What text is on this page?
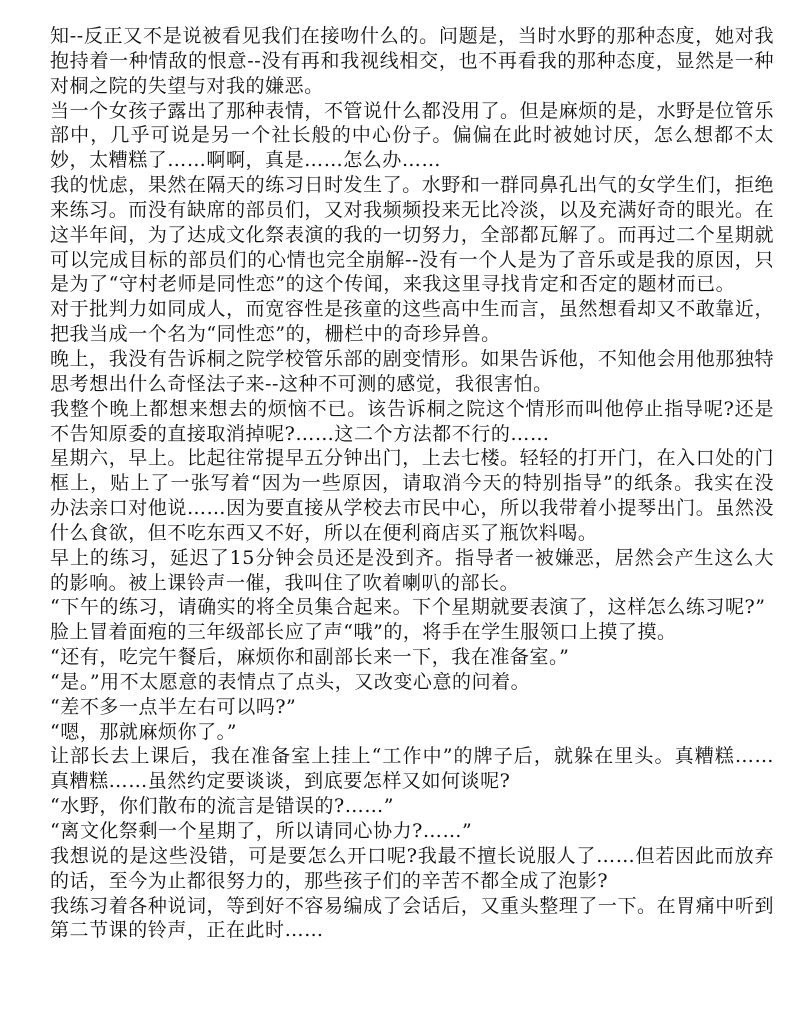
知--反正又不是说被看见我们在接吻什么的。问题是，当时水野的那种态度，她对我抱持着一种情敌的恨意--没有再和我视线相交，也不再看我的那种态度，显然是一种对桐之院的失望与对我的嫌恶。
当一个女孩子露出了那种表情，不管说什么都没用了。但是麻烦的是，水野是位管乐部中，几乎可说是另一个社长般的中心份子。偏偏在此时被她讨厌，怎么想都不太妙，太糟糕了……啊啊，真是……怎么办……
我的忧虑，果然在隔天的练习日时发生了。水野和一群同鼻孔出气的女学生们，拒绝来练习。而没有缺席的部员们，又对我频频投来无比冷淡，以及充满好奇的眼光。在这半年间，为了达成文化祭表演的我的一切努力，全部都瓦解了。而再过二个星期就可以完成目标的部员们的心情也完全崩解--没有一个人是为了音乐或是我的原因，只是为了“守村老师是同性恋”的这个传闻，来我这里寻找肯定和否定的题材而已。
对于批判力如同成人，而宽容性是孩童的这些高中生而言，虽然想看却又不敢靠近，把我当成一个名为“同性恋”的，栅栏中的奇珍异兽。
晚上，我没有告诉桐之院学校管乐部的剧变情形。如果告诉他，不知他会用他那独特思考想出什么奇怪法子来--这种不可测的感觉，我很害怕。
我整个晚上都想来想去的烦恼不已。该告诉桐之院这个情形而叫他停止指导呢?还是不告知原委的直接取消掉呢?……这二个方法都不行的……
星期六，早上。比起往常提早五分钟出门，上去七楼。轻轻的打开门，在入口处的门框上，贴上了一张写着“因为一些原因，请取消今天的特别指导”的纸条。我实在没办法亲口对他说……因为要直接从学校去市民中心，所以我带着小提琴出门。虽然没什么食欲，但不吃东西又不好，所以在便利商店买了瓶饮料喝。
早上的练习，延迟了15分钟会员还是没到齐。指导者一被嫌恶，居然会产生这么大的影响。被上课铃声一催，我叫住了吹着喇叭的部长。
“下午的练习，请确实的将全员集合起来。下个星期就要表演了，这样怎么练习呢?”
脸上冒着面疱的三年级部长应了声“哦”的，将手在学生服领口上摸了摸。
“还有，吃完午餐后，麻烦你和副部长来一下，我在准备室。”
“是。”用不太愿意的表情点了点头，又改变心意的问着。
“差不多一点半左右可以吗?”
“嗯，那就麻烦你了。”
让部长去上课后，我在准备室上挂上“工作中”的牌子后，就躲在里头。真糟糕……真糟糕……虽然约定要谈谈，到底要怎样又如何谈呢?
“水野，你们散布的流言是错误的?……”
“离文化祭剩一个星期了，所以请同心协力?……”
我想说的是这些没错，可是要怎么开口呢?我最不擅长说服人了……但若因此而放弃的话，至今为止都很努力的，那些孩子们的辛苦不都全成了泡影?
我练习着各种说词，等到好不容易编成了会话后，又重头整理了一下。在胃痛中听到第二节课的铃声，正在此时……
